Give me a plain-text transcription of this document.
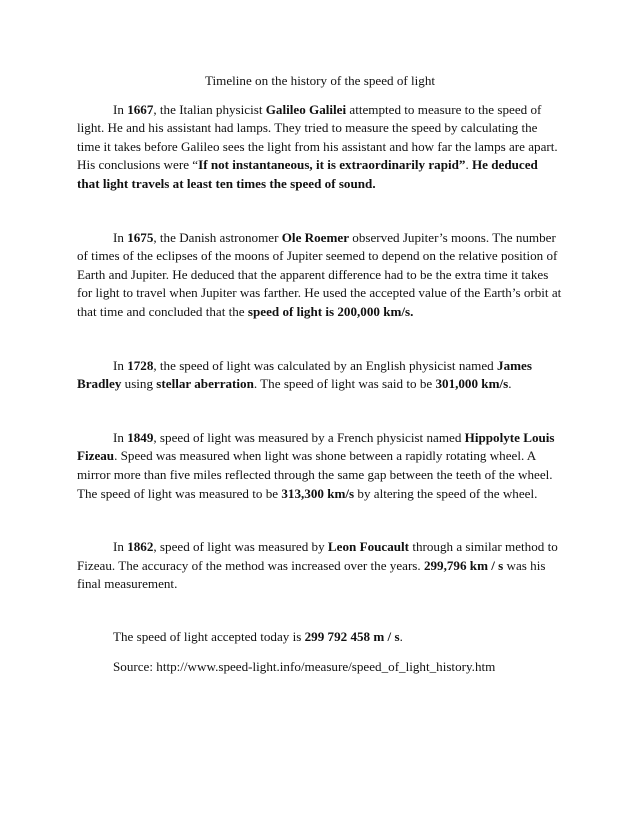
Timeline on the history of the speed of light

In 1667, the Italian physicist Galileo Galilei attempted to measure to the speed of light. He and his assistant had lamps. They tried to measure the speed by calculating the time it takes before Galileo sees the light from his assistant and how far the lamps are apart. His conclusions were “If not instantaneous, it is extraordinarily rapid”. He deduced that light travels at least ten times the speed of sound.

In 1675, the Danish astronomer Ole Roemer observed Jupiter’s moons. The number of times of the eclipses of the moons of Jupiter seemed to depend on the relative position of Earth and Jupiter. He deduced that the apparent difference had to be the extra time it takes for light to travel when Jupiter was farther. He used the accepted value of the Earth’s orbit at that time and concluded that the speed of light is 200,000 km/s.

In 1728, the speed of light was calculated by an English physicist named James Bradley using stellar aberration. The speed of light was said to be 301,000 km/s.

In 1849, speed of light was measured by a French physicist named Hippolyte Louis Fizeau. Speed was measured when light was shone between a rapidly rotating wheel. A mirror more than five miles reflected through the same gap between the teeth of the wheel. The speed of light was measured to be 313,300 km/s by altering the speed of the wheel.

In 1862, speed of light was measured by Leon Foucault through a similar method to Fizeau. The accuracy of the method was increased over the years. 299,796 km / s was his final measurement.

The speed of light accepted today is 299 792 458 m / s.

Source: http://www.speed-light.info/measure/speed_of_light_history.htm
